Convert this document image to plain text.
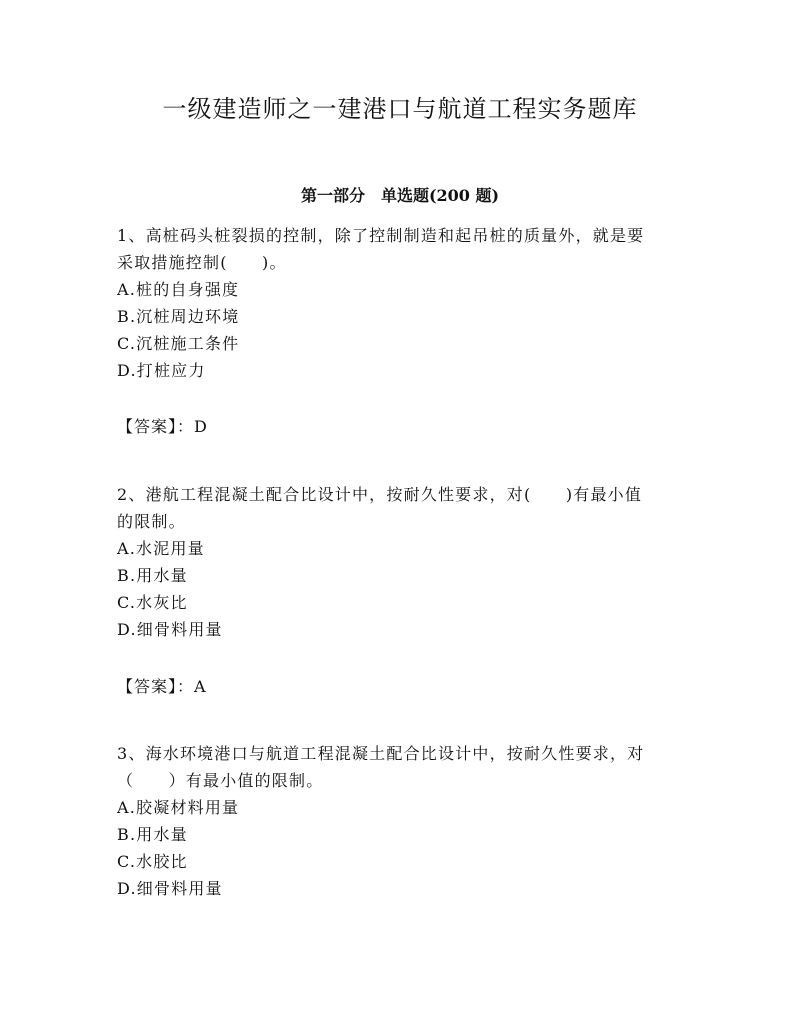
一级建造师之一建港口与航道工程实务题库
第一部分　单选题(200 题)

1、高桩码头桩裂损的控制，除了控制制造和起吊桩的质量外，就是要

采取措施控制(　　)。

A.桩的自身强度

B.沉桩周边环境

C.沉桩施工条件

D.打桩应力

【答案】：D

2、港航工程混凝土配合比设计中，按耐久性要求，对(　　)有最小值

的限制。

A.水泥用量

B.用水量

C.水灰比

D.细骨料用量

【答案】：A

3、海水环境港口与航道工程混凝土配合比设计中，按耐久性要求，对

（　　）有最小值的限制。

A.胶凝材料用量

B.用水量

C.水胶比

D.细骨料用量
